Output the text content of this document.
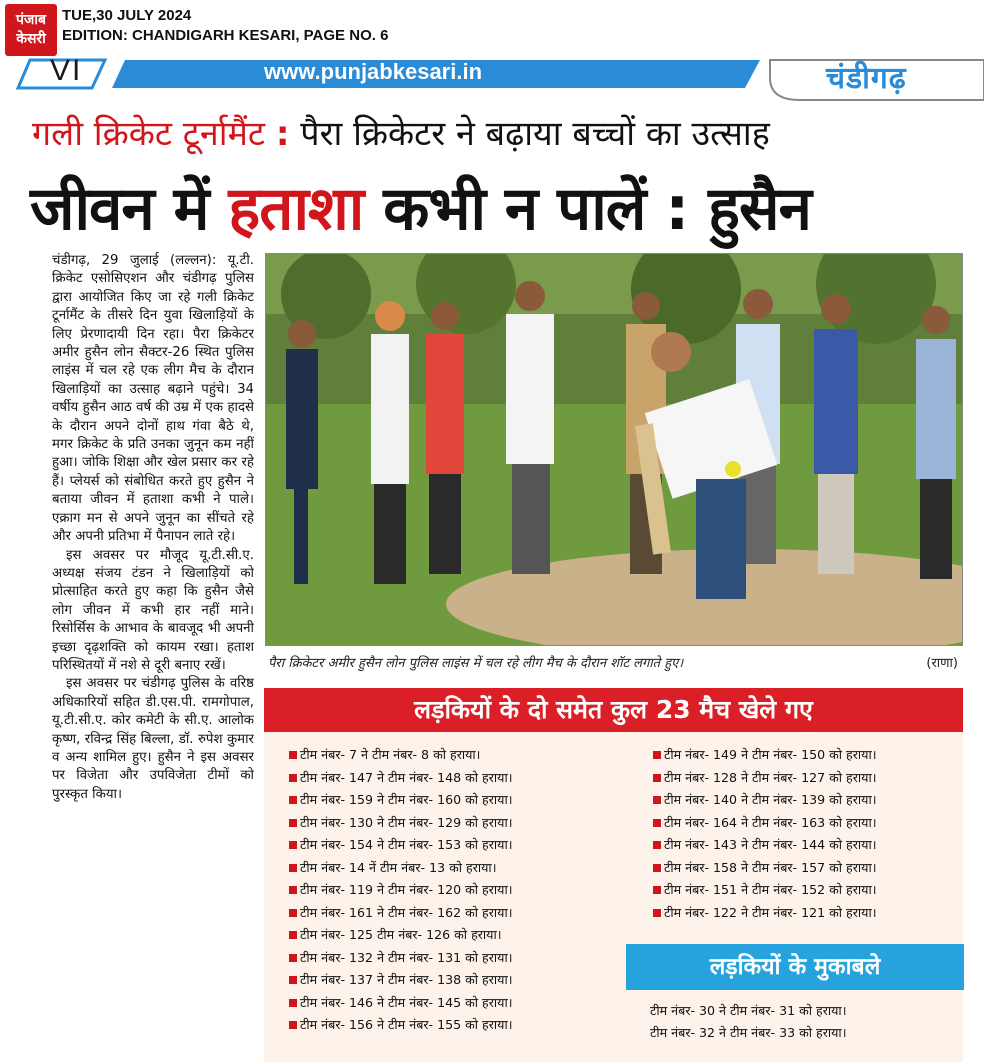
पंजाब
केसरी
TUE,30 JULY 2024
EDITION: CHANDIGARH KESARI, PAGE NO. 6
VI	www.punjabkesari.in	चंडीगढ़
गली क्रिकेट टूर्नामैंट : पैरा क्रिकेटर ने बढ़ाया बच्चों का उत्साह
जीवन में हताशा कभी न पालें : हुसैन

चंडीगढ़, 29 जुलाई (लल्लन): यू.टी. क्रिकेट एसोसिएशन और चंडीगढ़ पुलिस द्वारा आयोजित किए जा रहे गली क्रिकेट टूर्नामैंट के तीसरे दिन युवा खिलाड़ियों के लिए प्रेरणादायी दिन रहा। पैरा क्रिकेटर अमीर हुसैन लोन सैक्टर-26 स्थित पुलिस लाइंस में चल रहे एक लीग मैच के दौरान खिलाड़ियों का उत्साह बढ़ाने पहुंचे। 34 वर्षीय हुसैन आठ वर्ष की उम्र में एक हादसे के दौरान अपने दोनों हाथ गंवा बैठे थे, मगर क्रिकेट के प्रति उनका जुनून कम नहीं हुआ। जोकि शिक्षा और खेल प्रसार कर रहे हैं। प्लेयर्स को संबोधित करते हुए हुसैन ने बताया जीवन में हताशा कभी ने पाले। एक्राग मन से अपने जुनून का सींचते रहे और अपनी प्रतिभा में पैनापन लाते रहे।

इस अवसर पर मौजूद यू.टी.सी.ए. अध्यक्ष संजय टंडन ने खिलाड़ियों को प्रोत्साहित करते हुए कहा कि हुसैन जैसे लोग जीवन में कभी हार नहीं माने। रिसोर्सिस के आभाव के बावजूद भी अपनी इच्छा दृढ़शक्ति को कायम रखा। हताश परिस्थितयों में नशे से दूरी बनाए रखें।

इस अवसर पर चंडीगढ़ पुलिस के वरिष्ठ अधिकारियों सहित डी.एस.पी. रामगोपाल, यू.टी.सी.ए. कोर कमेटी के सी.ए. आलोक कृष्ण, रविन्द्र सिंह बिल्ला, डॉ. रुपेश कुमार व अन्य शामिल हुए। हुसैन ने इस अवसर पर विजेता और उपविजेता टीमों को पुरस्कृत किया।

पैरा क्रिकेटर अमीर हुसैन लोन पुलिस लाइंस में चल रहे लीग मैच के दौरान शॉट लगाते हुए।	(राणा)
लड़कियों के दो समेत कुल 23 मैच खेले गए
टीम नंबर- 7 ने टीम नंबर- 8 को हराया।
टीम नंबर- 147 ने टीम नंबर- 148 को हराया।
टीम नंबर- 159 ने टीम नंबर- 160 को हराया।
टीम नंबर- 130 ने टीम नंबर- 129 को हराया।
टीम नंबर- 154 ने टीम नंबर- 153 को हराया।
टीम नंबर- 14 नें टीम नंबर- 13 को हराया।
टीम नंबर- 119 ने टीम नंबर- 120 को हराया।
टीम नंबर- 161 ने टीम नंबर- 162 को हराया।
टीम नंबर- 125 टीम नंबर- 126 को हराया।
टीम नंबर- 132 ने टीम नंबर- 131 को हराया।
टीम नंबर- 137 ने टीम नंबर- 138 को हराया।
टीम नंबर- 146 ने टीम नंबर- 145 को हराया।
टीम नंबर- 156 ने टीम नंबर- 155 को हराया।
टीम नंबर- 149 ने टीम नंबर- 150 को हराया।
टीम नंबर- 128 ने टीम नंबर- 127 को हराया।
टीम नंबर- 140 ने टीम नंबर- 139 को हराया।
टीम नंबर- 164 ने टीम नंबर- 163 को हराया।
टीम नंबर- 143 ने टीम नंबर- 144 को हराया।
टीम नंबर- 158 ने टीम नंबर- 157 को हराया।
टीम नंबर- 151 ने टीम नंबर- 152 को हराया।
टीम नंबर- 122 ने टीम नंबर- 121 को हराया।
लड़कियों के मुकाबले
टीम नंबर- 30 ने टीम नंबर- 31 को हराया।
टीम नंबर- 32 ने टीम नंबर- 33 को हराया।
